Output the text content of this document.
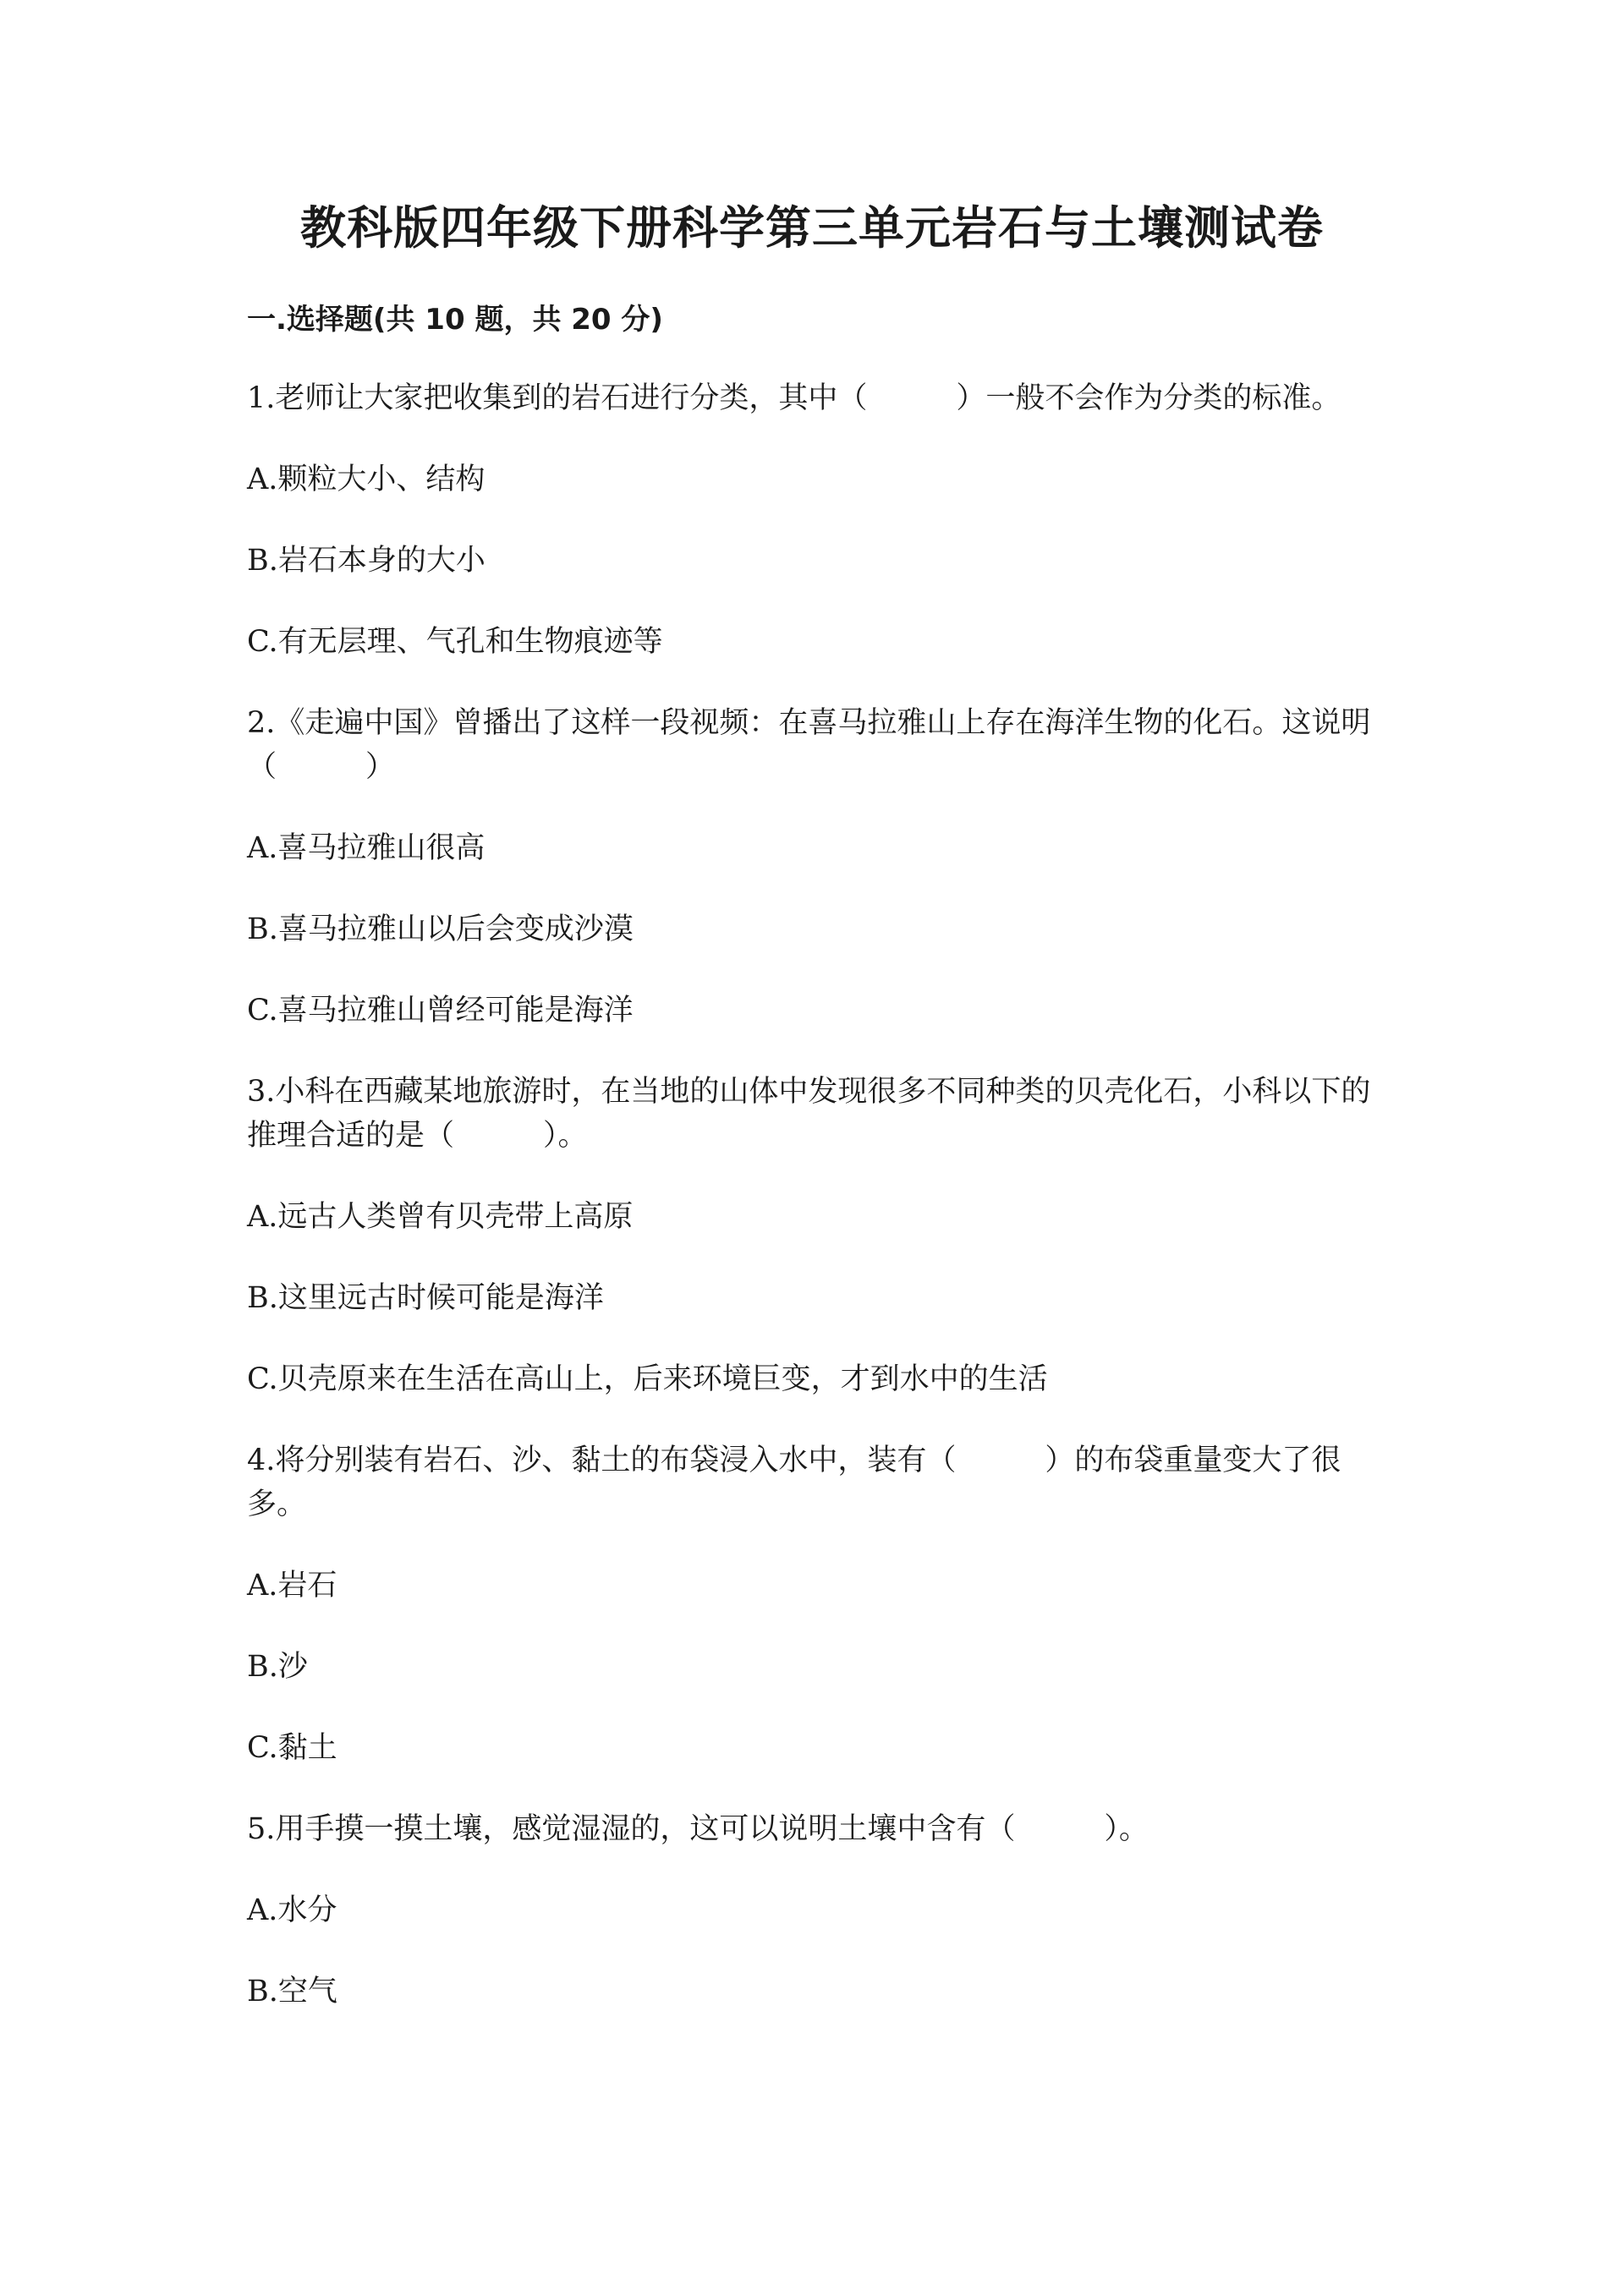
教科版四年级下册科学第三单元岩石与土壤测试卷
一.选择题(共 10 题，共 20 分)

1.老师让大家把收集到的岩石进行分类，其中（　　　）一般不会作为分类的标准。

A.颗粒大小、结构

B.岩石本身的大小

C.有无层理、气孔和生物痕迹等

2.《走遍中国》曾播出了这样一段视频：在喜马拉雅山上存在海洋生物的化石。这说明（　　　）

A.喜马拉雅山很高

B.喜马拉雅山以后会变成沙漠

C.喜马拉雅山曾经可能是海洋

3.小科在西藏某地旅游时，在当地的山体中发现很多不同种类的贝壳化石，小科以下的推理合适的是（　　　）。

A.远古人类曾有贝壳带上高原

B.这里远古时候可能是海洋

C.贝壳原来在生活在高山上，后来环境巨变，才到水中的生活

4.将分别装有岩石、沙、黏土的布袋浸入水中，装有（　　　）的布袋重量变大了很多。

A.岩石

B.沙

C.黏土

5.用手摸一摸土壤，感觉湿湿的，这可以说明土壤中含有（　　　）。

A.水分

B.空气
